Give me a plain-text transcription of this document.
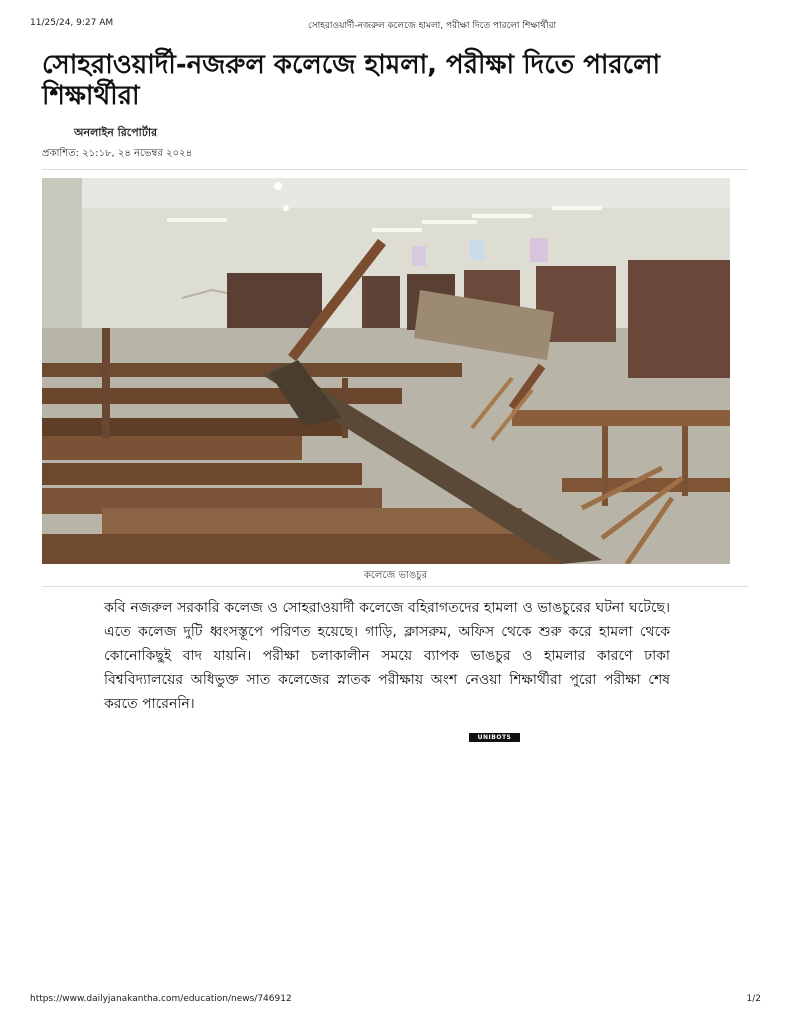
11/25/24, 9:27 AM	সোহরাওয়ার্দী-নজরুল কলেজে হামলা, পরীক্ষা দিতে পারলো শিক্ষার্থীরা
সোহরাওয়ার্দী-নজরুল কলেজে হামলা, পরীক্ষা দিতে পারলো শিক্ষার্থীরা
অনলাইন রিপোর্টার
প্রকাশিত: ২১:১৮, ২৪ নভেম্বর ২০২৪
কলেজে ভাঙচুর

কবি নজরুল সরকারি কলেজ ও সোহরাওয়ার্দী কলেজে বহিরাগতদের হামলা ও ভাঙচুরের ঘটনা ঘটেছে। এতে কলেজ দুটি ধ্বংসস্তূপে পরিণত হয়েছে। গাড়ি, ক্লাসরুম, অফিস থেকে শুরু করে হামলা থেকে কোনোকিছুই বাদ যায়নি। পরীক্ষা চলাকালীন সময়ে ব্যাপক ভাঙচুর ও হামলার কারণে ঢাকা বিশ্ববিদ্যালয়ের অধিভুক্ত সাত কলেজের স্নাতক পরীক্ষায় অংশ নেওয়া শিক্ষার্থীরা পুরো পরীক্ষা শেষ করতে পারেননি।

UNIBOTS
https://www.dailyjanakantha.com/education/news/746912	1/2
